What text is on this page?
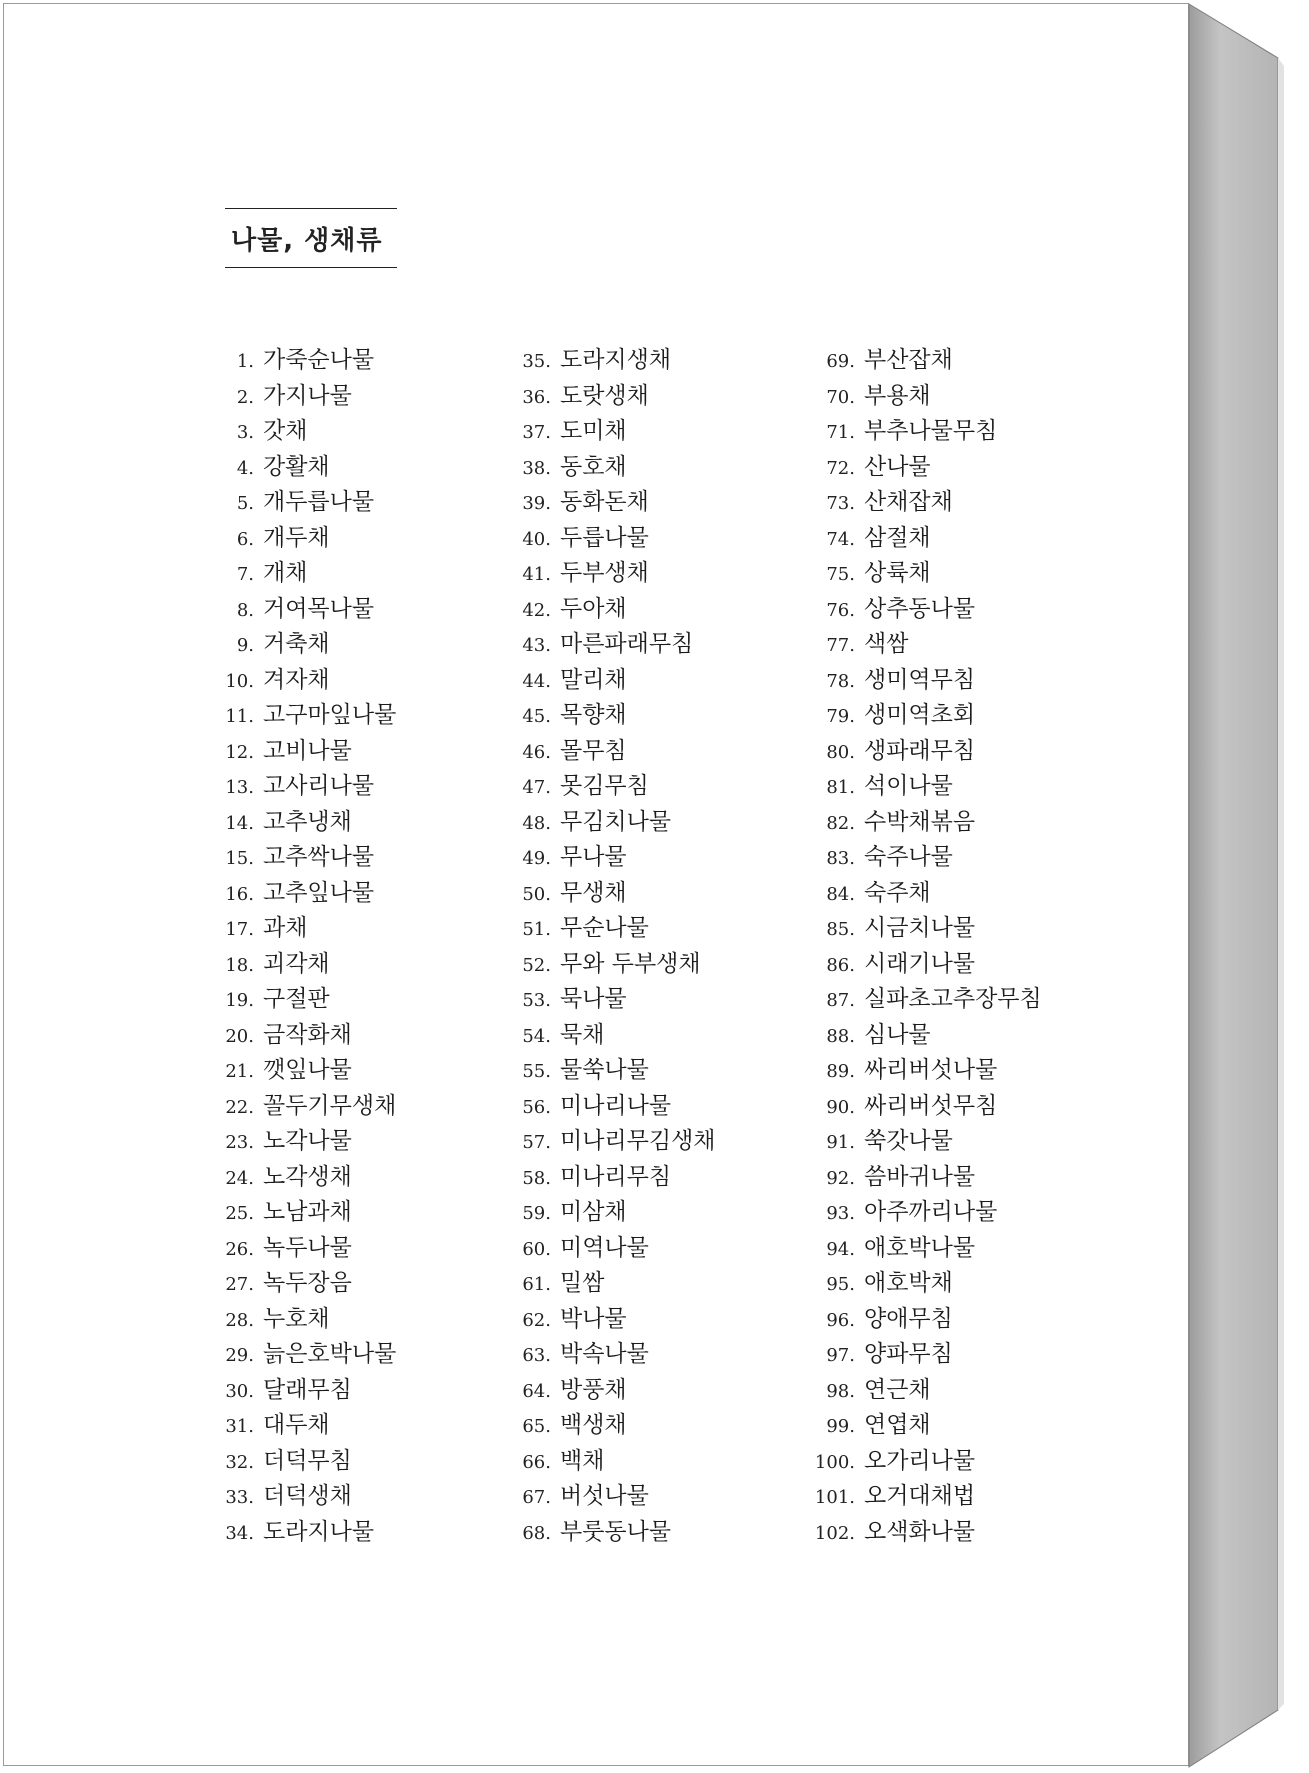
나물, 생채류
1. 가죽순나물
2. 가지나물
3. 갓채
4. 강활채
5. 개두릅나물
6. 개두채
7. 개채
8. 거여목나물
9. 거축채
10. 겨자채
11. 고구마잎나물
12. 고비나물
13. 고사리나물
14. 고추냉채
15. 고추싹나물
16. 고추잎나물
17. 과채
18. 괴각채
19. 구절판
20. 금작화채
21. 깻잎나물
22. 꼴두기무생채
23. 노각나물
24. 노각생채
25. 노남과채
26. 녹두나물
27. 녹두장음
28. 누호채
29. 늙은호박나물
30. 달래무침
31. 대두채
32. 더덕무침
33. 더덕생채
34. 도라지나물
35. 도라지생채
36. 도랏생채
37. 도미채
38. 동호채
39. 동화돈채
40. 두릅나물
41. 두부생채
42. 두아채
43. 마른파래무침
44. 말리채
45. 목향채
46. 몰무침
47. 못김무침
48. 무김치나물
49. 무나물
50. 무생채
51. 무순나물
52. 무와 두부생채
53. 묵나물
54. 묵채
55. 물쑥나물
56. 미나리나물
57. 미나리무김생채
58. 미나리무침
59. 미삼채
60. 미역나물
61. 밀쌈
62. 박나물
63. 박속나물
64. 방풍채
65. 백생채
66. 백채
67. 버섯나물
68. 부룻동나물
69. 부산잡채
70. 부용채
71. 부추나물무침
72. 산나물
73. 산채잡채
74. 삼절채
75. 상륙채
76. 상추동나물
77. 색쌈
78. 생미역무침
79. 생미역초회
80. 생파래무침
81. 석이나물
82. 수박채볶음
83. 숙주나물
84. 숙주채
85. 시금치나물
86. 시래기나물
87. 실파초고추장무침
88. 심나물
89. 싸리버섯나물
90. 싸리버섯무침
91. 쑥갓나물
92. 씀바귀나물
93. 아주까리나물
94. 애호박나물
95. 애호박채
96. 양애무침
97. 양파무침
98. 연근채
99. 연엽채
100. 오가리나물
101. 오거대채법
102. 오색화나물
